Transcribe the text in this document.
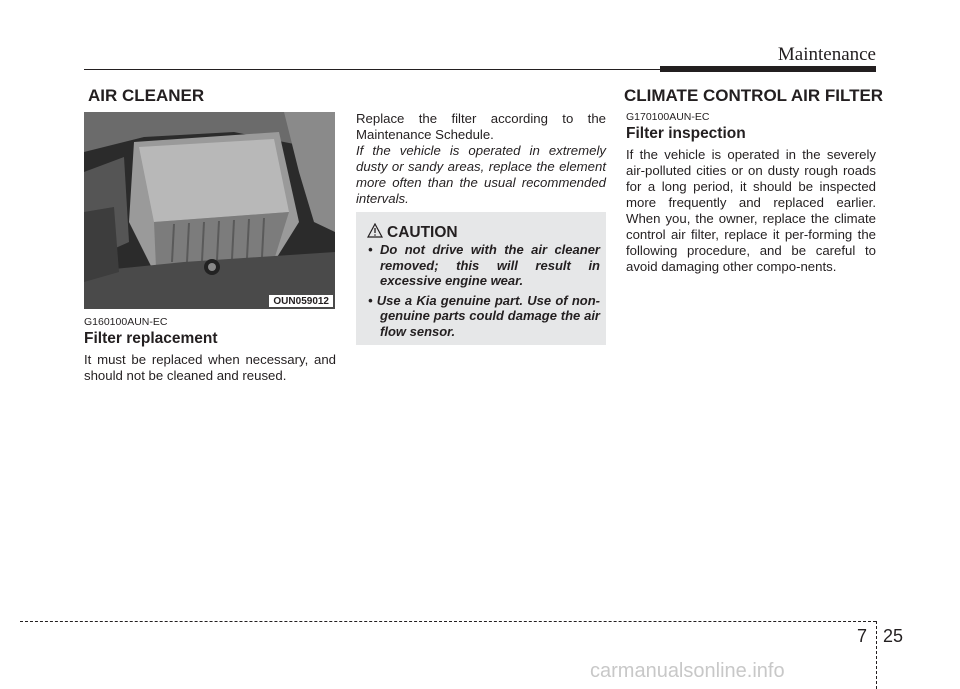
Maintenance
AIR CLEANER
OUN059012
G160100AUN-EC
Filter replacement

It must be replaced when necessary, and should not be cleaned and reused.

Replace the filter according to the Maintenance Schedule.

If the vehicle is operated in extremely dusty or sandy areas, replace the element more often than the usual recommended intervals.

CAUTION
• Do not drive with the air cleaner removed; this will result in excessive engine wear.
• Use a Kia genuine part. Use of non-genuine parts could damage the air flow sensor.
CLIMATE CONTROL AIR FILTER
G170100AUN-EC
Filter inspection

If the vehicle is operated in the severely air-polluted cities or on dusty rough roads for a long period, it should be inspected more frequently and replaced earlier. When you, the owner, replace the climate control air filter, replace it per-forming the following procedure, and be careful to avoid damaging other compo-nents.

7 25
carmanualsonline.info
